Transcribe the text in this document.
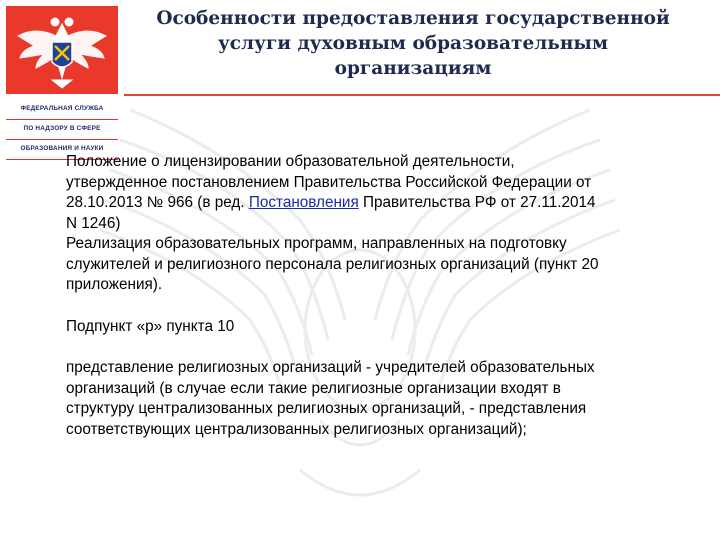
ФЕДЕРАЛЬНАЯ СЛУЖБА
ПО НАДЗОРУ В СФЕРЕ
ОБРАЗОВАНИЯ И НАУКИ
Особенности предоставления государственной
услуги духовным образовательным
организациям

Положение о лицензировании образовательной деятельности,
утвержденное постановлением Правительства Российской Федерации от
28.10.2013 № 966 (в ред. Постановления Правительства РФ от 27.11.2014
N 1246)
Реализация образовательных программ, направленных на подготовку
служителей и религиозного персонала религиозных организаций (пункт 20
приложения).

Подпункт «р» пункта 10

представление религиозных организаций - учредителей образовательных
организаций (в случае если такие религиозные организации входят в
структуру централизованных религиозных организаций, - представления
соответствующих централизованных религиозных организаций);
